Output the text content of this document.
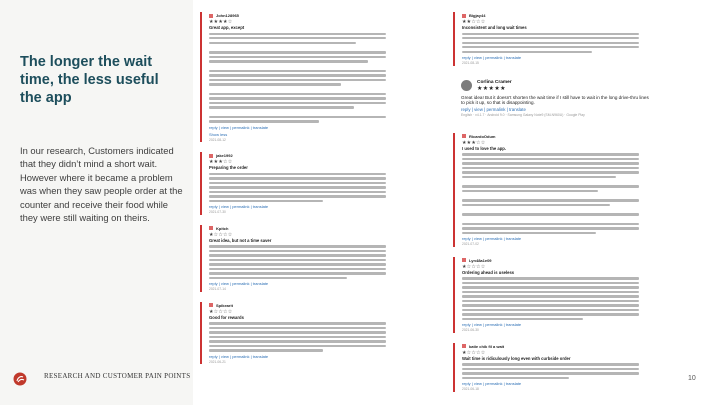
The longer the wait time, the less useful the app
In our research, Customers indicated that they didn’t mind a short wait. However where it became a problem was when they saw people order at the counter and receive their food while they were still waiting on theirs.
RESEARCH AND CUSTOMER PAIN POINTS
John128965
★★★★☆
Great app, except
reply | view | permalink | translate
Show less
2021-08-12
jake1992
★★★☆☆
Preparing the order
reply | view | permalink | translate
2021-07-30
Kpitch
★☆☆☆☆
Great idea, but not a time saver
reply | view | permalink | translate
2021-07-14
Spikearit
★☆☆☆☆
Good for rewards
reply | view | permalink | translate
2021-06-21
Bigjay44
★★☆☆☆
Inconsistent and long wait times
reply | view | permalink | translate
2021-08-15
Corlina Cramer
★★★★★
Great idea! But it doesn't shorten the wait time if I still have to wait in the long drive-thru lines to pick it up, so that is disappointing.
reply | view | permalink | translate
English · v4.1.7 · Android 9.0 · Samsung Galaxy Note9 (SM-N960U) · Google Play
RicardoOdum
★★★☆☆
I used to love the app.
reply | view | permalink | translate
2021-07-02
Lyn48a1e09
★☆☆☆☆
Ordering ahead is useless
reply | view | permalink | translate
2021-06-30
katie chik fil a wait
★☆☆☆☆
Wait time is ridiculously long even with curbside order
reply | view | permalink | translate
2021-06-18
10
